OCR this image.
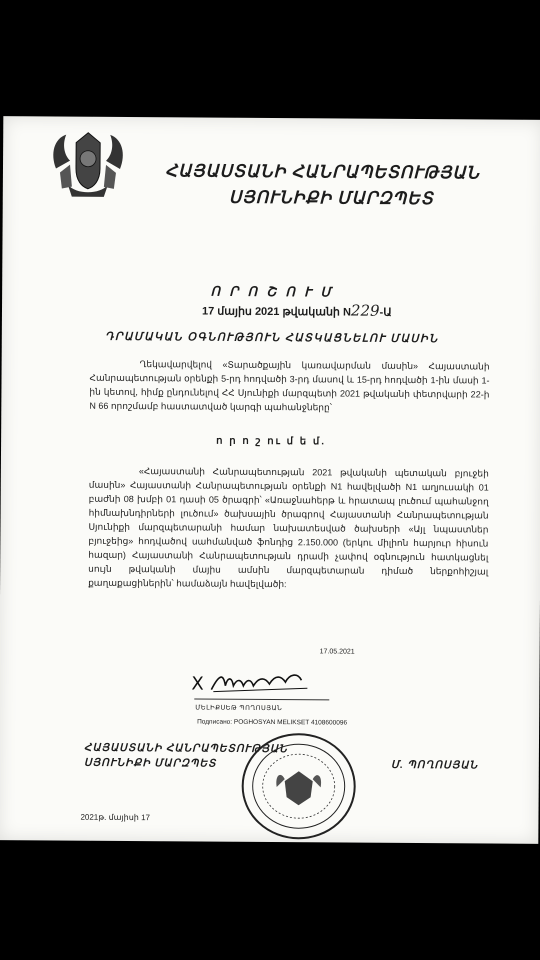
ՀԱՅԱՍՏԱՆԻ ՀԱՆՐԱՊԵՏՈՒԹՅԱՆ
ՍՅՈՒՆԻՔԻ ՄԱՐԶՊԵՏ
Ո Ր Ո Շ Ո Ւ Մ
17 մայիս 2021 թվականի N229-Ա
ԴՐԱՄԱԿԱՆ ՕԳՆՈՒԹՅՈՒՆ ՀԱՏԿԱՑՆԵԼՈՒ ՄԱՍԻՆ
Ղեկավարվելով «Տարածքային կառավարման մասին» Հայաստանի Հանրապետության օրենքի 5-րդ հոդվածի 3-րդ մասով և 15-րդ հոդվածի 1-ին մասի 1-ին կետով, հիմք ընդունելով ՀՀ Սյունիքի մարզպետի 2021 թվականի փետրվարի 22-ի N 66 որոշմամբ հաստատված կարգի պահանջները՝
ո ր ո շ ու մ ե մ.
«Հայաստանի Հանրապետության 2021 թվականի պետական բյուջեի մասին» Հայաստանի Հանրապետության օրենքի N1 հավելվածի N1 աղյուսակի 01 բաժնի 08 խմբի 01 դասի 05 ծրագրի՝ «Առաջնահերթ և հրատապ լուծում պահանջող հիմնախնդիրների լուծում» ծախսային ծրագրով Հայաստանի Հանրապետության Սյունիքի մարզպետարանի համար նախատեսված ծախսերի «Այլ նպաստներ բյուջեից» հոդվածով սահմանված ֆոնդից 2.150.000 (երկու միլիոն հարյուր հիսուն հազար) Հայաստանի Հանրապետության դրամի չափով օգնություն հատկացնել սույն թվականի մայիս ամսին մարզպետարան դիմած ներքոհիշյալ քաղաքացիներին՝ համաձայն հավելվածի:
17.05.2021
X
ՄԵԼԻՔՍԵԹ ՊՈՂՈՍՅԱՆ
Подписано: POGHOSYAN MELIKSET 4108600096
ՀԱՅԱՍՏԱՆԻ ՀԱՆՐԱՊԵՏՈՒԹՅԱՆ
ՍՅՈՒՆԻՔԻ ՄԱՐԶՊԵՏ	Մ. ՊՈՂՈՍՅԱՆ
2021թ. մայիսի 17
